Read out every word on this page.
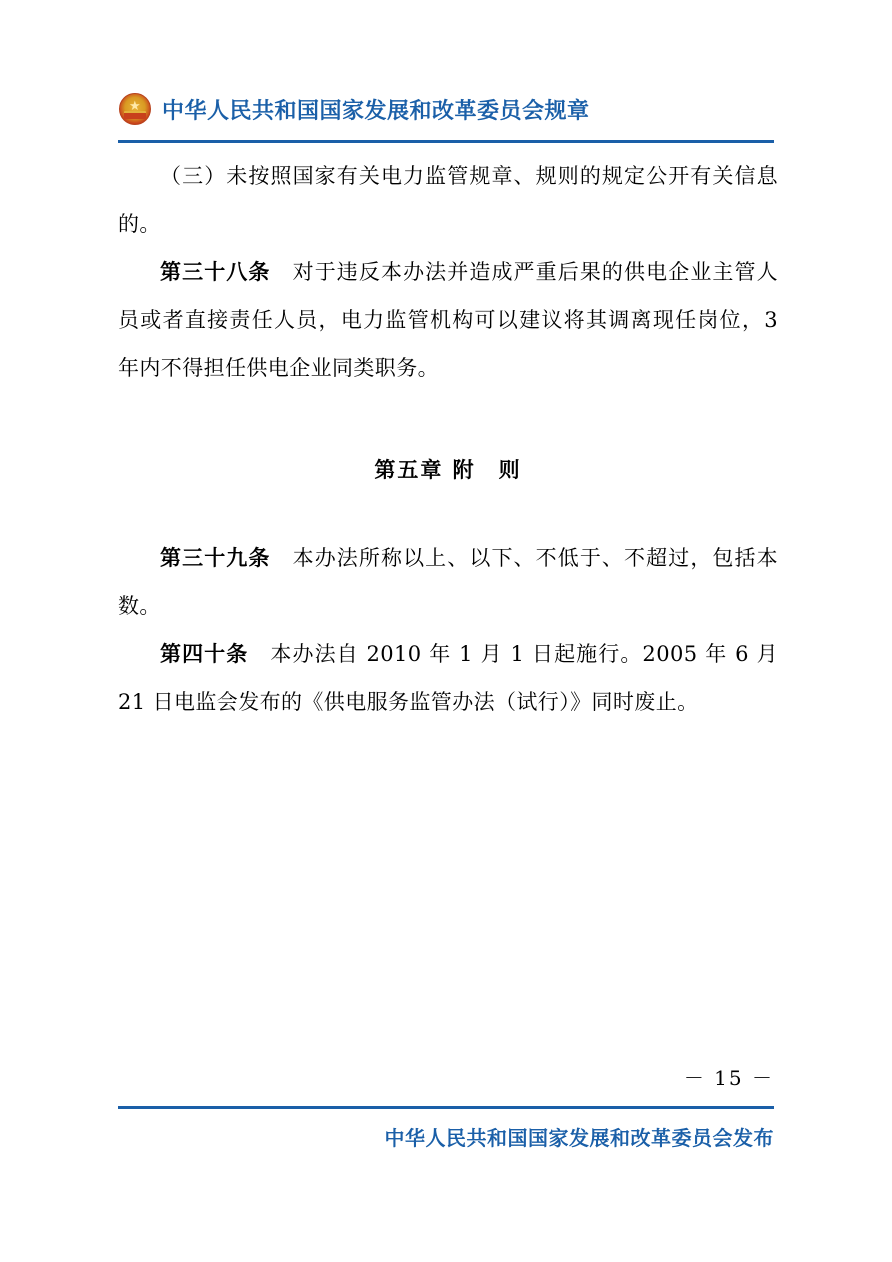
中华人民共和国国家发展和改革委员会规章

（三）未按照国家有关电力监管规章、规则的规定公开有关信息的。

第三十八条　 对于违反本办法并造成严重后果的供电企业主管人员或者直接责任人员，电力监管机构可以建议将其调离现任岗位，3 年内不得担任供电企业同类职务。

第五章 附　则

第三十九条　 本办法所称以上、以下、不低于、不超过，包括本数。

第四十条　 本办法自 2010 年 1 月 1 日起施行。2005 年 6 月 21 日电监会发布的《供电服务监管办法（试行）》同时废止。

－ 15 －
中华人民共和国国家发展和改革委员会发布
